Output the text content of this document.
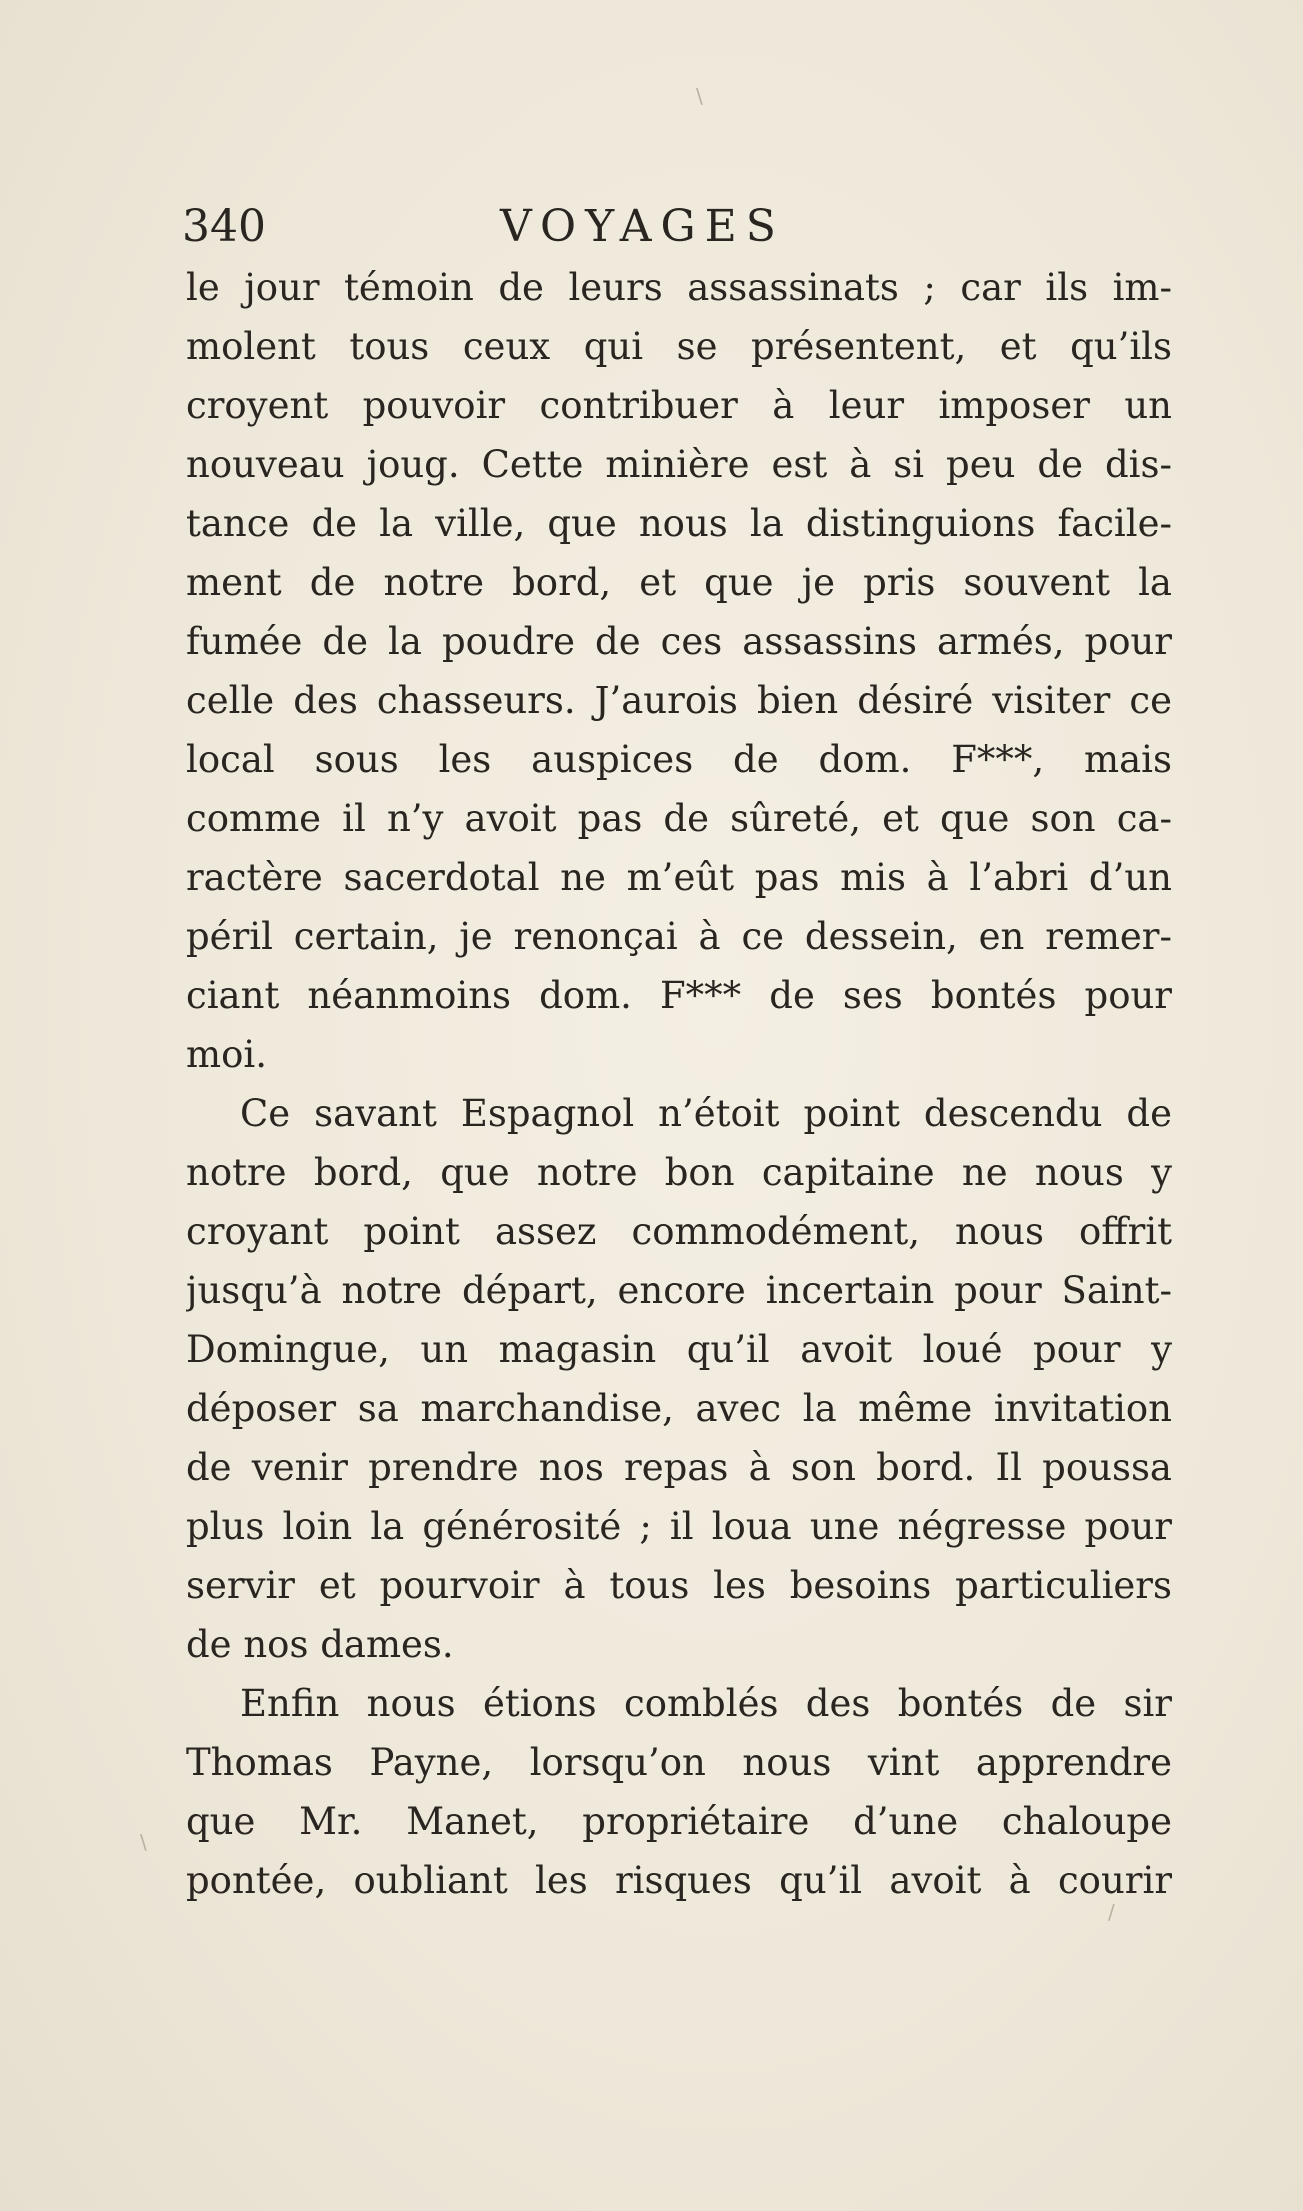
340	VOYAGES
le jour témoin de leurs assassinats ; car ils im-
molent tous ceux qui se présentent, et qu’ils
croyent pouvoir contribuer à leur imposer un
nouveau joug. Cette minière est à si peu de dis-
tance de la ville, que nous la distinguions facile-
ment de notre bord, et que je pris souvent la
fumée de la poudre de ces assassins armés, pour
celle des chasseurs. J’aurois bien désiré visiter ce
local sous les auspices de dom. F***, mais
comme il n’y avoit pas de sûreté, et que son ca-
ractère sacerdotal ne m’eût pas mis à l’abri d’un
péril certain, je renonçai à ce dessein, en remer-
ciant néanmoins dom. F*** de ses bontés pour
moi.
Ce savant Espagnol n’étoit point descendu de
notre bord, que notre bon capitaine ne nous y
croyant point assez commodément, nous offrit
jusqu’à notre départ, encore incertain pour Saint-
Domingue, un magasin qu’il avoit loué pour y
déposer sa marchandise, avec la même invitation
de venir prendre nos repas à son bord. Il poussa
plus loin la générosité ; il loua une négresse pour
servir et pourvoir à tous les besoins particuliers
de nos dames.
Enfin nous étions comblés des bontés de sir
Thomas Payne, lorsqu’on nous vint apprendre
que Mr. Manet, propriétaire d’une chaloupe
pontée, oubliant les risques qu’il avoit à courir
\
/
\
